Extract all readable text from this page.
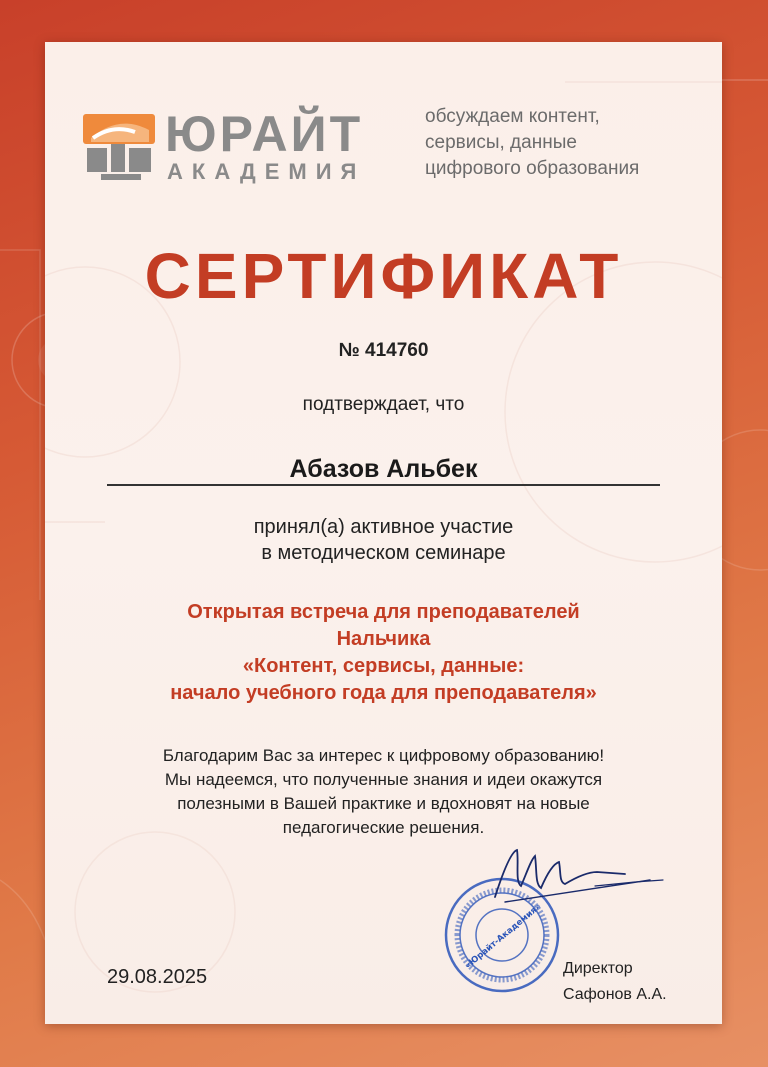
ЮРАЙТ
АКАДЕМИЯ
обсуждаем контент,
сервисы, данные
цифрового образования
СЕРТИФИКАТ
№ 414760
подтверждает, что
Абазов Альбек
принял(а) активное участие
в методическом семинаре
Открытая встреча для преподавателей
Нальчика
«Контент, сервисы, данные:
начало учебного года для преподавателя»
Благодарим Вас за интерес к цифровому образованию!
Мы надеемся, что полученные знания и идеи окажутся
полезными в Вашей практике и вдохновят на новые
педагогические решения.
«Юрайт-Академия»
29.08.2025	Директор
Сафонов А.А.
